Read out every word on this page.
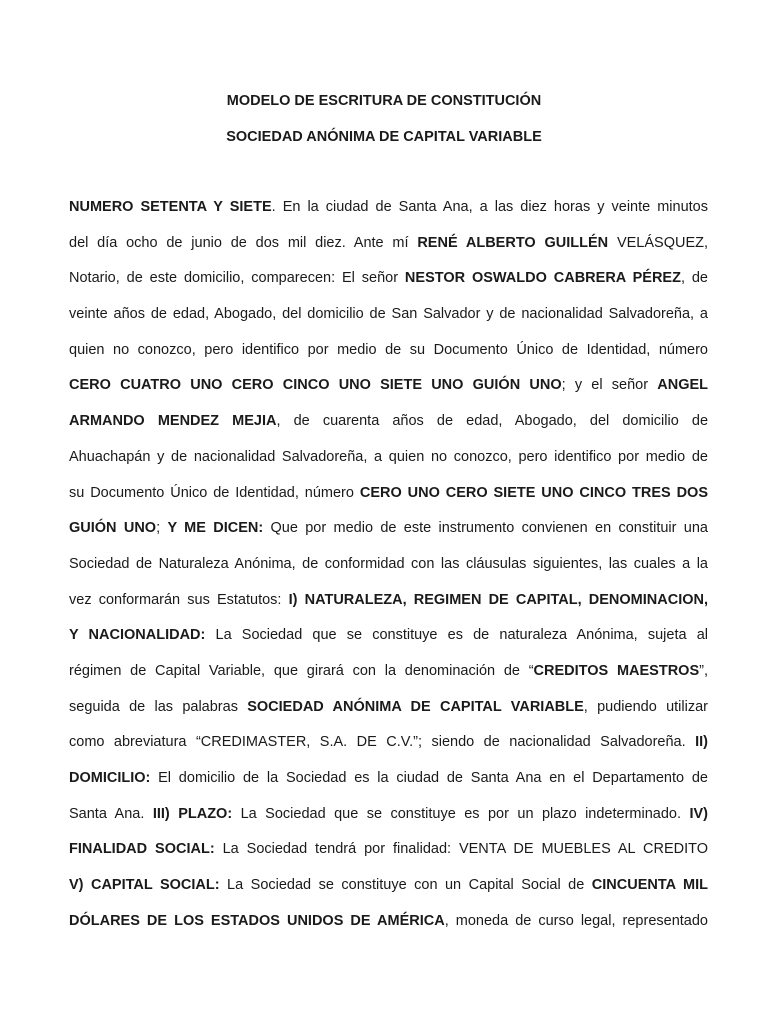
MODELO DE ESCRITURA DE CONSTITUCIÓN
SOCIEDAD ANÓNIMA DE CAPITAL VARIABLE
NUMERO SETENTA Y SIETE. En la ciudad de Santa Ana, a las diez horas y veinte minutos
del día ocho de junio de dos mil diez. Ante mí RENÉ ALBERTO GUILLÉN VELÁSQUEZ,
Notario, de este domicilio, comparecen: El señor NESTOR OSWALDO CABRERA PÉREZ, de
veinte años de edad, Abogado, del domicilio de San Salvador y de nacionalidad Salvadoreña, a
quien no conozco, pero identifico por medio de su Documento Único de Identidad, número
CERO CUATRO UNO CERO CINCO UNO SIETE UNO GUIÓN UNO; y el señor ANGEL
ARMANDO MENDEZ MEJIA, de cuarenta años de edad, Abogado, del domicilio de
Ahuachapán y de nacionalidad Salvadoreña, a quien no conozco, pero identifico por medio de
su Documento Único de Identidad, número CERO UNO CERO SIETE UNO CINCO TRES DOS
GUIÓN UNO; Y ME DICEN: Que por medio de este instrumento convienen en constituir una
Sociedad de Naturaleza Anónima, de conformidad con las cláusulas siguientes, las cuales a la
vez conformarán sus Estatutos: I) NATURALEZA, REGIMEN DE CAPITAL, DENOMINACION,
Y NACIONALIDAD: La Sociedad que se constituye es de naturaleza Anónima, sujeta al
régimen de Capital Variable, que girará con la denominación de “CREDITOS MAESTROS”,
seguida de las palabras SOCIEDAD ANÓNIMA DE CAPITAL VARIABLE, pudiendo utilizar
como abreviatura “CREDIMASTER, S.A. DE C.V.”; siendo de nacionalidad Salvadoreña. II)
DOMICILIO: El domicilio de la Sociedad es la ciudad de Santa Ana en el Departamento de
Santa Ana. III) PLAZO: La Sociedad que se constituye es por un plazo indeterminado. IV)
FINALIDAD SOCIAL: La Sociedad tendrá por finalidad: VENTA DE MUEBLES AL CREDITO
V) CAPITAL SOCIAL: La Sociedad se constituye con un Capital Social de CINCUENTA MIL
DÓLARES DE LOS ESTADOS UNIDOS DE AMÉRICA, moneda de curso legal, representado
